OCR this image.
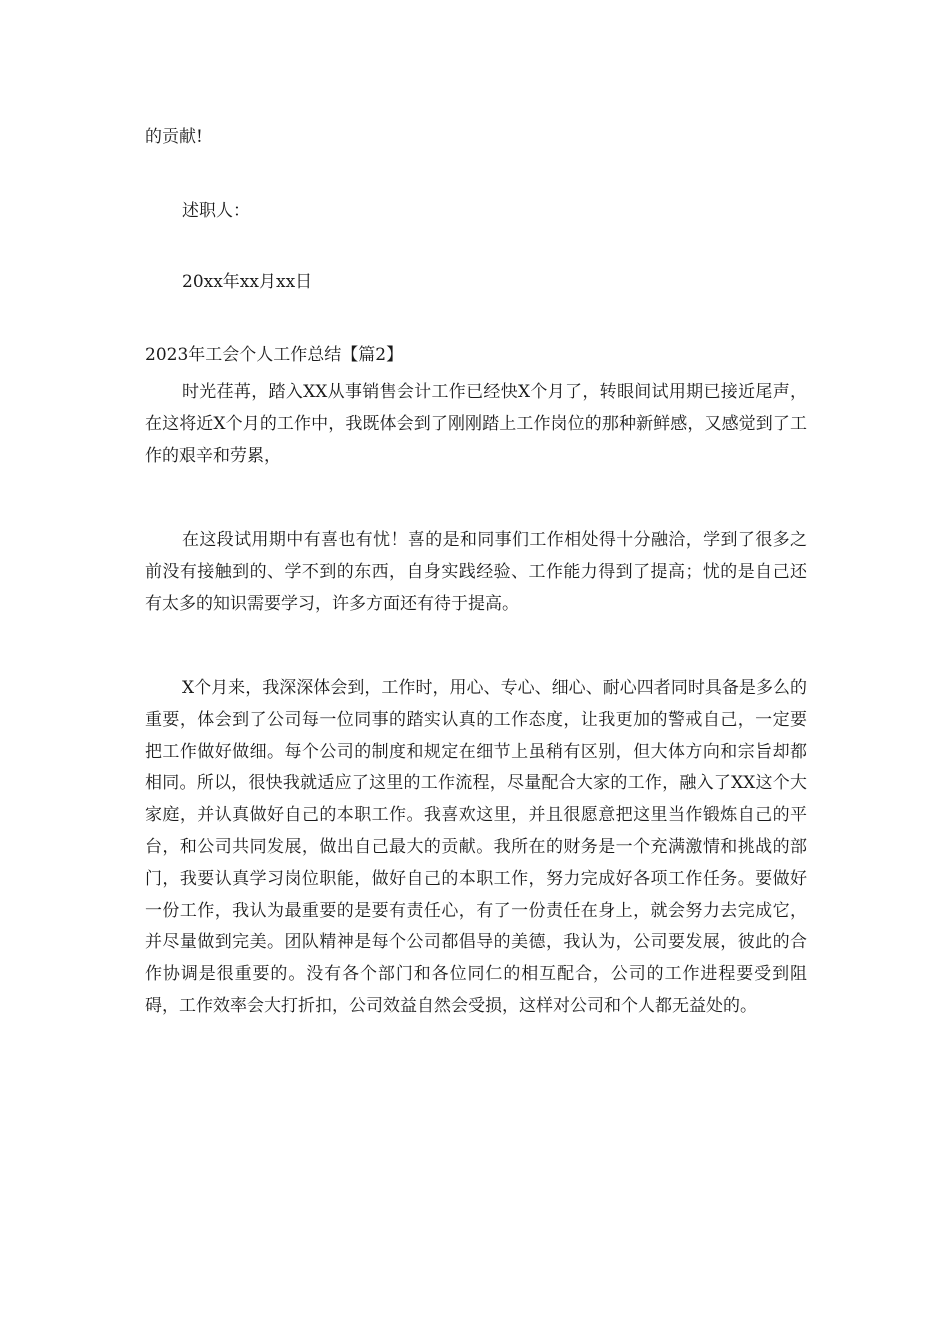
的贡献!
述职人：
20xx年xx月xx日
2023年工会个人工作总结【篇2】

时光荏苒，踏入XX从事销售会计工作已经快X个月了，转眼间试用期已接近尾声，在这将近X个月的工作中，我既体会到了刚刚踏上工作岗位的那种新鲜感，又感觉到了工作的艰辛和劳累，

在这段试用期中有喜也有忧！喜的是和同事们工作相处得十分融洽，学到了很多之前没有接触到的、学不到的东西，自身实践经验、工作能力得到了提高；忧的是自己还有太多的知识需要学习，许多方面还有待于提高。

X个月来，我深深体会到，工作时，用心、专心、细心、耐心四者同时具备是多么的重要，体会到了公司每一位同事的踏实认真的工作态度，让我更加的警戒自己，一定要把工作做好做细。每个公司的制度和规定在细节上虽稍有区别，但大体方向和宗旨却都相同。所以，很快我就适应了这里的工作流程，尽量配合大家的工作，融入了XX这个大家庭，并认真做好自己的本职工作。我喜欢这里，并且很愿意把这里当作锻炼自己的平台，和公司共同发展，做出自己最大的贡献。我所在的财务是一个充满激情和挑战的部门，我要认真学习岗位职能，做好自己的本职工作，努力完成好各项工作任务。要做好一份工作，我认为最重要的是要有责任心，有了一份责任在身上，就会努力去完成它，并尽量做到完美。团队精神是每个公司都倡导的美德，我认为，公司要发展，彼此的合作协调是很重要的。没有各个部门和各位同仁的相互配合，公司的工作进程要受到阻碍，工作效率会大打折扣，公司效益自然会受损，这样对公司和个人都无益处的。
